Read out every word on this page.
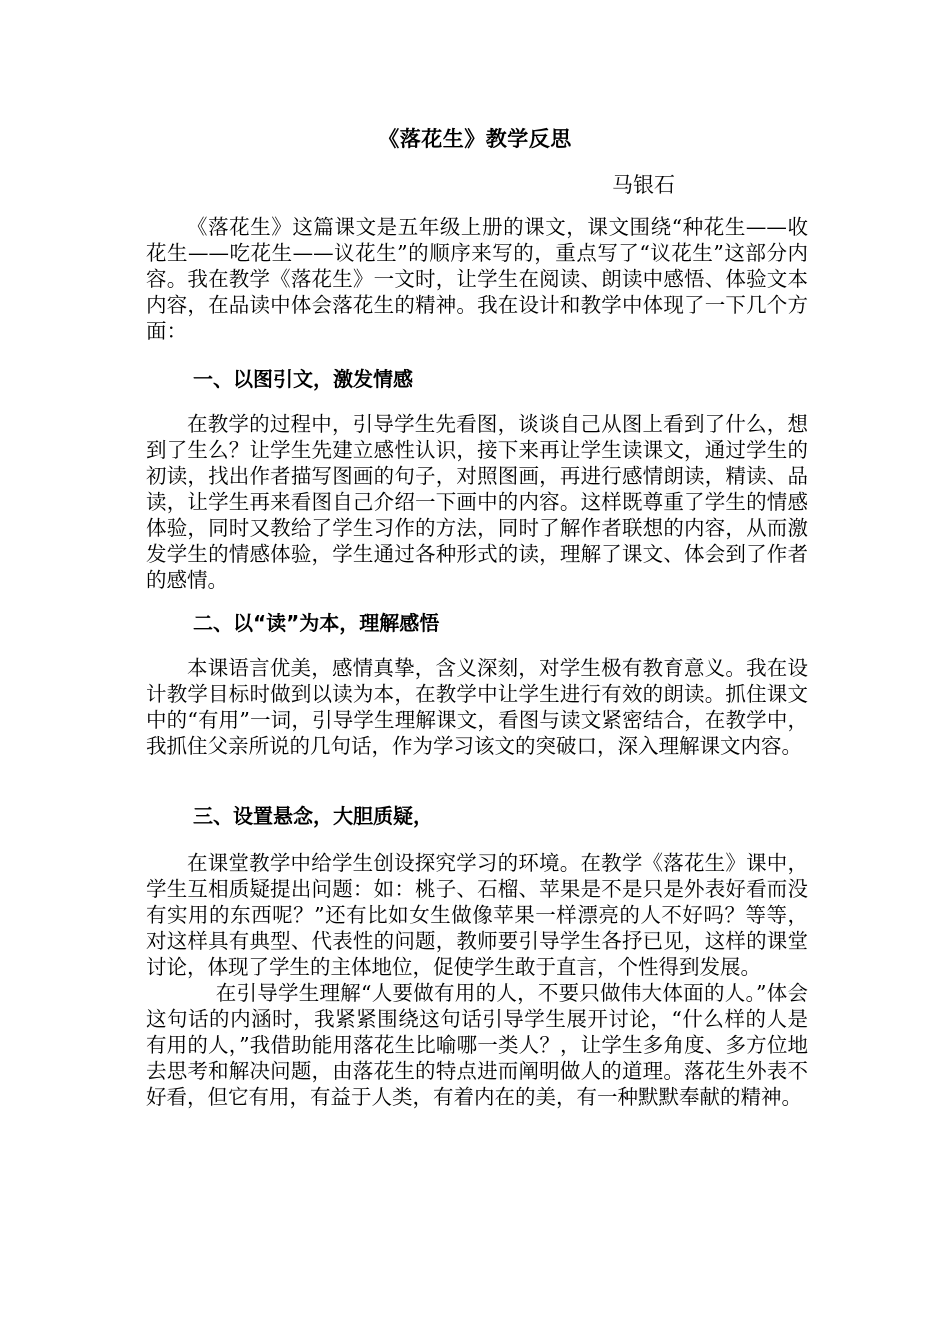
《落花生》教学反思
马银石

《落花生》这篇课文是五年级上册的课文，课文围绕“种花生——收花生——吃花生——议花生”的顺序来写的，重点写了“议花生”这部分内容。我在教学《落花生》一文时，让学生在阅读、朗读中感悟、体验文本内容，在品读中体会落花生的精神。我在设计和教学中体现了一下几个方面：

一、以图引文，激发情感

在教学的过程中，引导学生先看图，谈谈自己从图上看到了什么，想到了生么？让学生先建立感性认识，接下来再让学生读课文，通过学生的初读，找出作者描写图画的句子，对照图画，再进行感情朗读，精读、品读，让学生再来看图自己介绍一下画中的内容。这样既尊重了学生的情感体验，同时又教给了学生习作的方法，同时了解作者联想的内容，从而激发学生的情感体验，学生通过各种形式的读，理解了课文、体会到了作者的感情。

二、以“读”为本，理解感悟

本课语言优美，感情真挚，含义深刻，对学生极有教育意义。我在设计教学目标时做到以读为本，在教学中让学生进行有效的朗读。抓住课文中的“有用”一词，引导学生理解课文，看图与读文紧密结合，在教学中，我抓住父亲所说的几句话，作为学习该文的突破口，深入理解课文内容。

三、设置悬念，大胆质疑，

在课堂教学中给学生创设探究学习的环境。在教学《落花生》课中，学生互相质疑提出问题：如：桃子、石榴、苹果是不是只是外表好看而没有实用的东西呢？”还有比如女生做像苹果一样漂亮的人不好吗？等等，对这样具有典型、代表性的问题，教师要引导学生各抒已见，这样的课堂讨论，体现了学生的主体地位，促使学生敢于直言，个性得到发展。

在引导学生理解“人要做有用的人，不要只做伟大体面的人。”体会这句话的内涵时，我紧紧围绕这句话引导学生展开讨论，“什么样的人是有用的人，”我借助能用落花生比喻哪一类人？，让学生多角度、多方位地去思考和解决问题，由落花生的特点进而阐明做人的道理。落花生外表不好看，但它有用，有益于人类，有着内在的美，有一种默默奉献的精神。
